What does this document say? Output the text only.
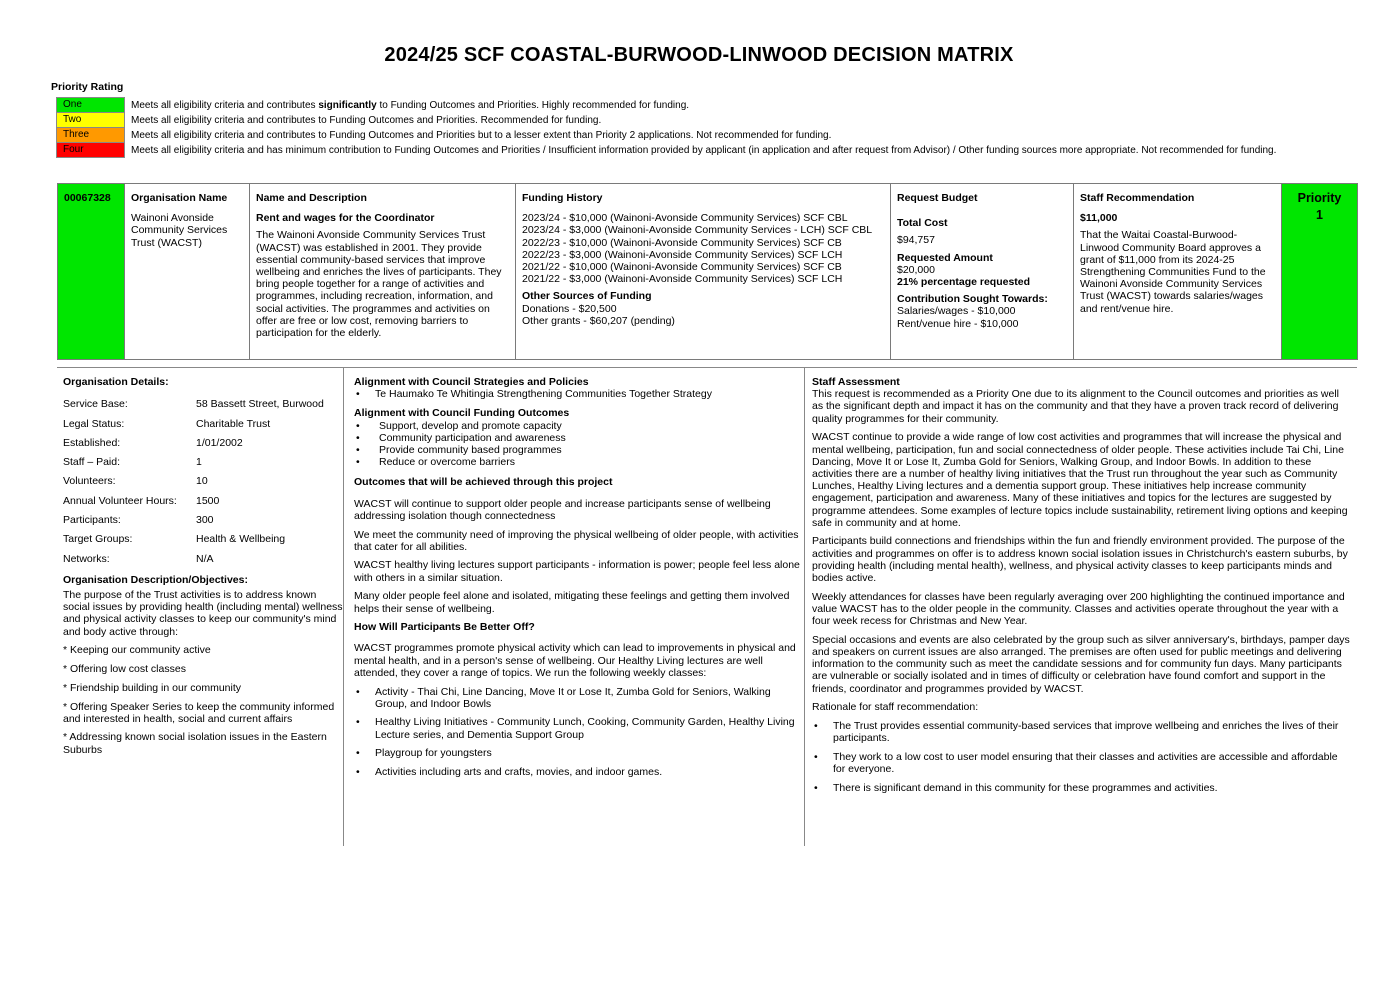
2024/25 SCF COASTAL-BURWOOD-LINWOOD DECISION MATRIX
Priority Rating
One	Meets all eligibility criteria and contributes significantly to Funding Outcomes and Priorities. Highly recommended for funding.
Two	Meets all eligibility criteria and contributes to Funding Outcomes and Priorities. Recommended for funding.
Three	Meets all eligibility criteria and contributes to Funding Outcomes and Priorities but to a lesser extent than Priority 2 applications. Not recommended for funding.
Four	Meets all eligibility criteria and has minimum contribution to Funding Outcomes and Priorities / Insufficient information provided by applicant (in application and after request from Advisor) / Other funding sources more appropriate. Not recommended for funding.
00067328	Organisation Name
Wainoni Avonside Community Services Trust (WACST)

Name and Description
Rent and wages for the Coordinator
The Wainoni Avonside Community Services Trust (WACST) was established in 2001. They provide essential community-based services that improve wellbeing and enriches the lives of participants. They bring people together for a range of activities and programmes, including recreation, information, and social activities. The programmes and activities on offer are free or low cost, removing barriers to participation for the elderly.

Funding History
2023/24 - $10,000 (Wainoni-Avonside Community Services) SCF CBL
2023/24 - $3,000 (Wainoni-Avonside Community Services - LCH) SCF CBL
2022/23 - $10,000 (Wainoni-Avonside Community Services) SCF CB
2022/23 - $3,000 (Wainoni-Avonside Community Services) SCF LCH
2021/22 - $10,000 (Wainoni-Avonside Community Services) SCF CB
2021/22 - $3,000 (Wainoni-Avonside Community Services) SCF LCH
Other Sources of Funding
Donations - $20,500
Other grants - $60,207 (pending)

Request Budget
Total Cost
$94,757
Requested Amount
$20,000
21% percentage requested
Contribution Sought Towards:
Salaries/wages - $10,000
Rent/venue hire - $10,000

Staff Recommendation
$11,000
That the Waitai Coastal-Burwood-Linwood Community Board approves a grant of $11,000 from its 2024-25 Strengthening Communities Fund to the Wainoni Avonside Community Services Trust (WACST) towards salaries/wages and rent/venue hire.

Priority
1
Organisation Details:
Service Base:	58 Bassett Street, Burwood
Legal Status:	Charitable Trust
Established:	1/01/2002
Staff – Paid:	1
Volunteers:	10
Annual Volunteer Hours:	1500
Participants:	300
Target Groups:	Health & Wellbeing
Networks:	N/A
Organisation Description/Objectives:

The purpose of the Trust activities is to address known social issues by providing health (including mental) wellness and physical activity classes to keep our community's mind and body active through:

* Keeping our community active

* Offering low cost classes

* Friendship building in our community

* Offering Speaker Series to keep the community informed and interested in health, social and current affairs

* Addressing known social isolation issues in the Eastern Suburbs

Alignment with Council Strategies and Policies
• Te Haumako Te Whitingia Strengthening Communities Together Strategy
Alignment with Council Funding Outcomes
• Support, develop and promote capacity
• Community participation and awareness
• Provide community based programmes
• Reduce or overcome barriers
Outcomes that will be achieved through this project

WACST will continue to support older people and increase participants sense of wellbeing addressing isolation though connectedness

We meet the community need of improving the physical wellbeing of older people, with activities that cater for all abilities.

WACST healthy living lectures support participants - information is power; people feel less alone with others in a similar situation.

Many older people feel alone and isolated, mitigating these feelings and getting them involved helps their sense of wellbeing.

How Will Participants Be Better Off?

WACST programmes promote physical activity which can lead to improvements in physical and mental health, and in a person's sense of wellbeing. Our Healthy Living lectures are well attended, they cover a range of topics. We run the following weekly classes:

• Activity - Thai Chi, Line Dancing, Move It or Lose It, Zumba Gold for Seniors, Walking Group, and Indoor Bowls
• Healthy Living Initiatives - Community Lunch, Cooking, Community Garden, Healthy Living Lecture series, and Dementia Support Group
• Playgroup for youngsters
• Activities including arts and crafts, movies, and indoor games.
Staff Assessment

This request is recommended as a Priority One due to its alignment to the Council outcomes and priorities as well as the significant depth and impact it has on the community and that they have a proven track record of delivering quality programmes for their community.

WACST continue to provide a wide range of low cost activities and programmes that will increase the physical and mental wellbeing, participation, fun and social connectedness of older people. These activities include Tai Chi, Line Dancing, Move It or Lose It, Zumba Gold for Seniors, Walking Group, and Indoor Bowls. In addition to these activities there are a number of healthy living initiatives that the Trust run throughout the year such as Community Lunches, Healthy Living lectures and a dementia support group. These initiatives help increase community engagement, participation and awareness. Many of these initiatives and topics for the lectures are suggested by programme attendees. Some examples of lecture topics include sustainability, retirement living options and keeping safe in community and at home.

Participants build connections and friendships within the fun and friendly environment provided. The purpose of the activities and programmes on offer is to address known social isolation issues in Christchurch's eastern suburbs, by providing health (including mental health), wellness, and physical activity classes to keep participants minds and bodies active.

Weekly attendances for classes have been regularly averaging over 200 highlighting the continued importance and value WACST has to the older people in the community. Classes and activities operate throughout the year with a four week recess for Christmas and New Year.

Special occasions and events are also celebrated by the group such as silver anniversary's, birthdays, pamper days and speakers on current issues are also arranged. The premises are often used for public meetings and delivering information to the community such as meet the candidate sessions and for community fun days. Many participants are vulnerable or socially isolated and in times of difficulty or celebration have found comfort and support in the friends, coordinator and programmes provided by WACST.

Rationale for staff recommendation:

• The Trust provides essential community-based services that improve wellbeing and enriches the lives of their participants.
• They work to a low cost to user model ensuring that their classes and activities are accessible and affordable for everyone.
• There is significant demand in this community for these programmes and activities.
